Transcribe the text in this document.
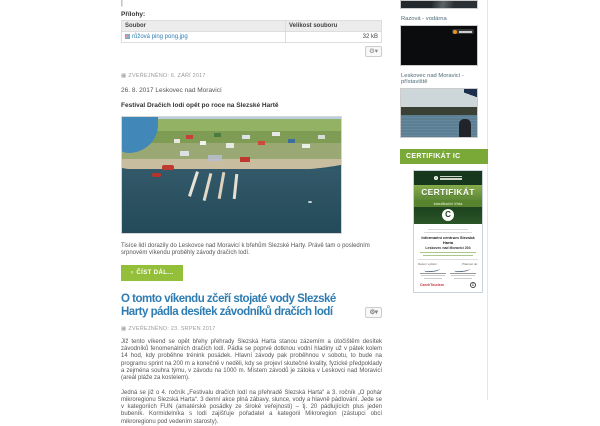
|
Přílohy:
Soubor	Velikost souboru
růžová ping pong.jpg	32 kB
⚙▾
▦ ZVEŘEJNĚNO: 6. ZÁŘÍ 2017
26. 8. 2017 Leskovec nad Moravicí
Festival Dračích lodí opět po roce na Slezské Hartě
Tisíce lidí dorazily do Leskovce nad Moravicí k břehům Slezské Harty. Právě tam o posledním srpnovém víkendu proběhly závody dračích lodí.
› ČÍST DÁL...
O tomto víkendu zčeří stojaté vody Slezské Harty pádla desítek závodníků dračích lodí	⚙▾
▦ ZVEŘEJNĚNO: 23. SRPEN 2017

Již tento víkend se opět břehy přehrady Slezská Harta stanou zázemím a útočištěm desítek závodníků fenomenálních dračích lodí. Pádla se poprvé dotknou vodní hladiny už v pátek kolem 14 hod, kdy proběhne trénink posádek. Hlavní závody pak proběhnou v sobotu, to bude na programu sprint na 200 m a konečně v neděli, kdy se projeví skutečné kvality, fyzické předpoklady a zejména souhra týmu, v závodu na 1000 m. Místem závodů je zátoka v Leskovci nad Moravicí (areál pláže za kostelem).

Jedná se již o 4. ročník „Festivalu dračích lodí na přehradě Slezská Harta“ a 3. ročník „O pohár mikroregionu Slezská Harta“. 3 denní akce plná zábavy, slunce, vody a hlavně pádlování. Jede se v kategoriích FUN (amatérské posádky ze široké veřejnosti) – tj. 20 pádlujících plus jeden bubeník. Kormidelníka s lodí zajišťuje pořadatel a kategorii Mikroregion (zástupci obcí mikroregionu pod vedením starosty).

Razová - vodárna
Leskovec nad Moravicí - přístaviště
CERTIFIKÁT IC
i
CERTIFIKÁT
klasifikační třída
C
Informační centrum Slezská Harta
Leskovec nad Moravicí 204
Datum vydání:	Platnost do:
CzechTourism	C
